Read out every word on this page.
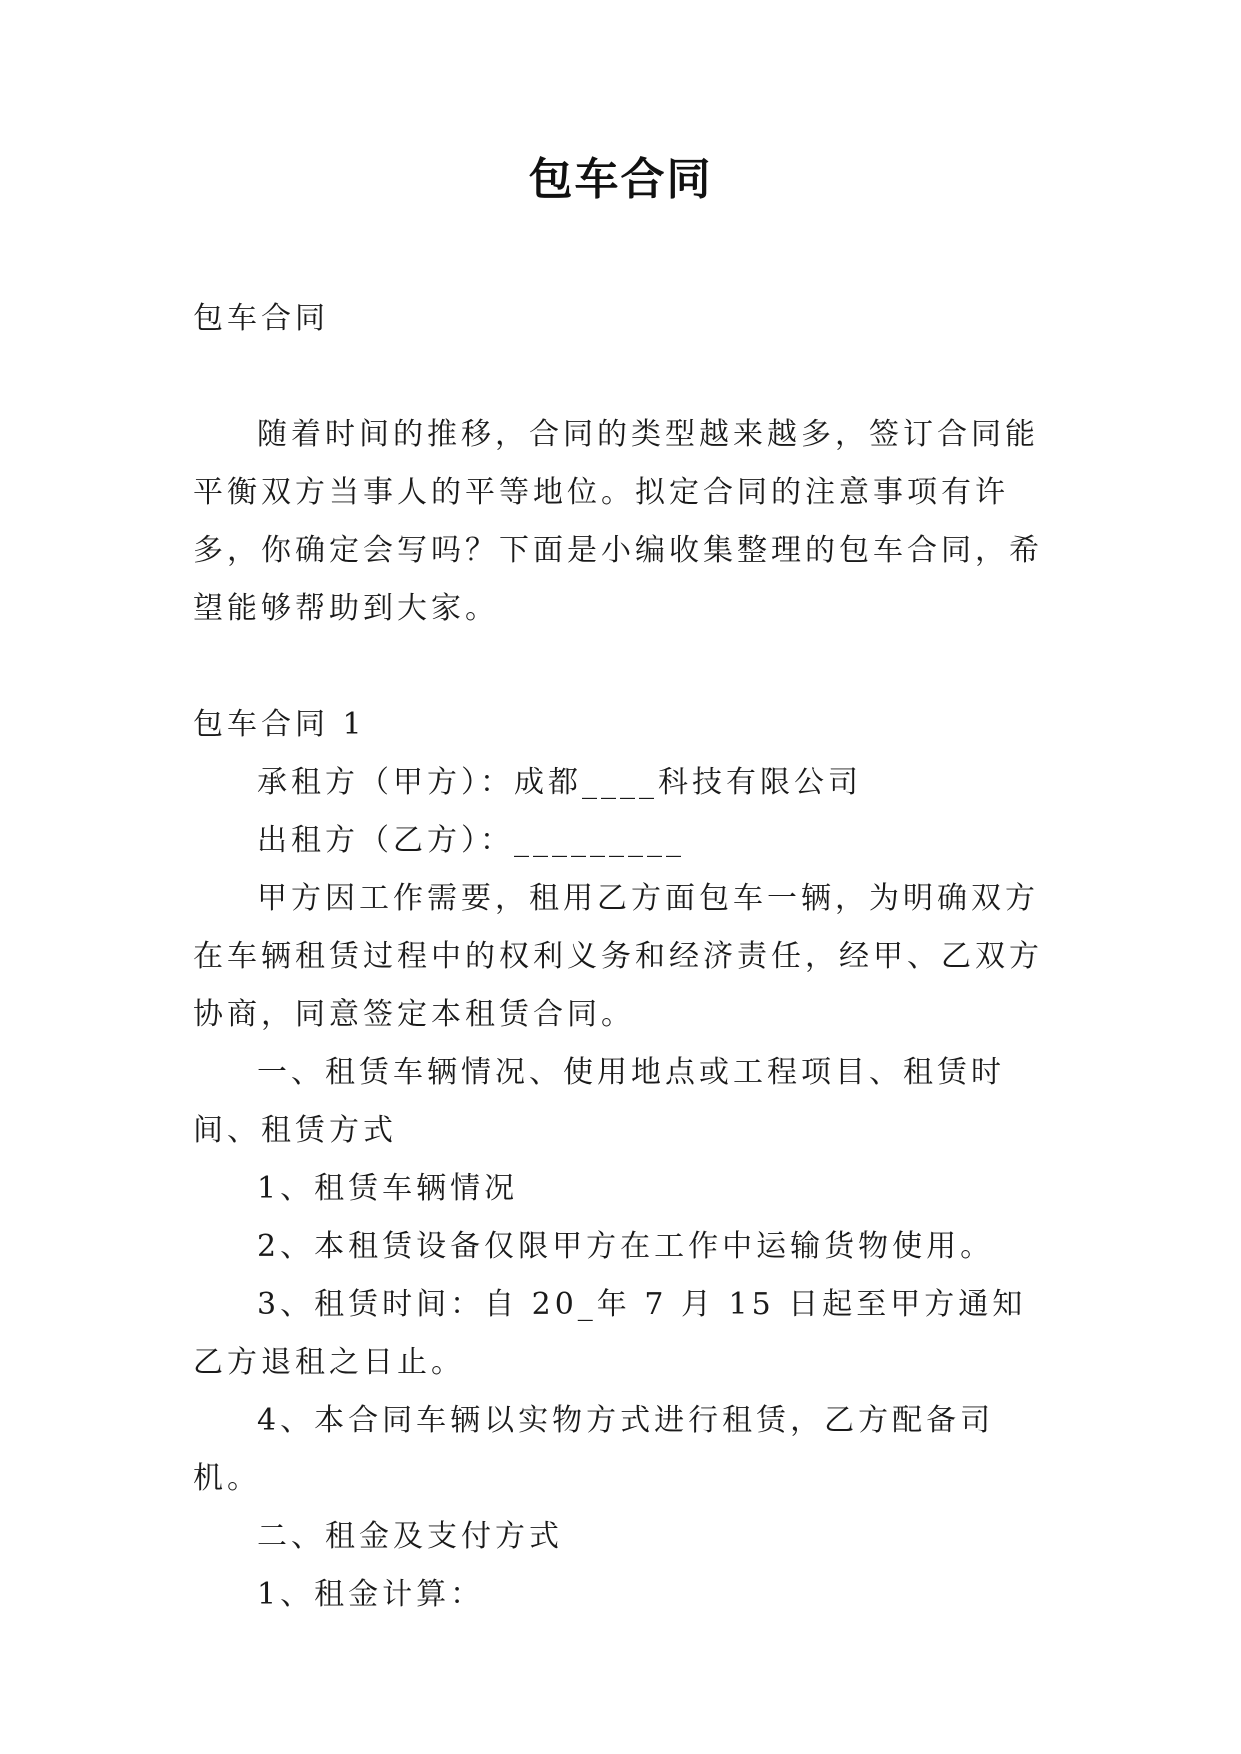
包车合同

包车合同

随着时间的推移，合同的类型越来越多，签订合同能平衡双方当事人的平等地位。拟定合同的注意事项有许多，你确定会写吗？下面是小编收集整理的包车合同，希望能够帮助到大家。

包车合同 1

承租方（甲方）：成都____科技有限公司

出租方（乙方）：_________

甲方因工作需要，租用乙方面包车一辆，为明确双方在车辆租赁过程中的权利义务和经济责任，经甲、乙双方协商，同意签定本租赁合同。

一、租赁车辆情况、使用地点或工程项目、租赁时间、租赁方式

1、租赁车辆情况

2、本租赁设备仅限甲方在工作中运输货物使用。

3、租赁时间：自 20_年 7 月 15 日起至甲方通知乙方退租之日止。

4、本合同车辆以实物方式进行租赁，乙方配备司机。

二、租金及支付方式

1、租金计算：
